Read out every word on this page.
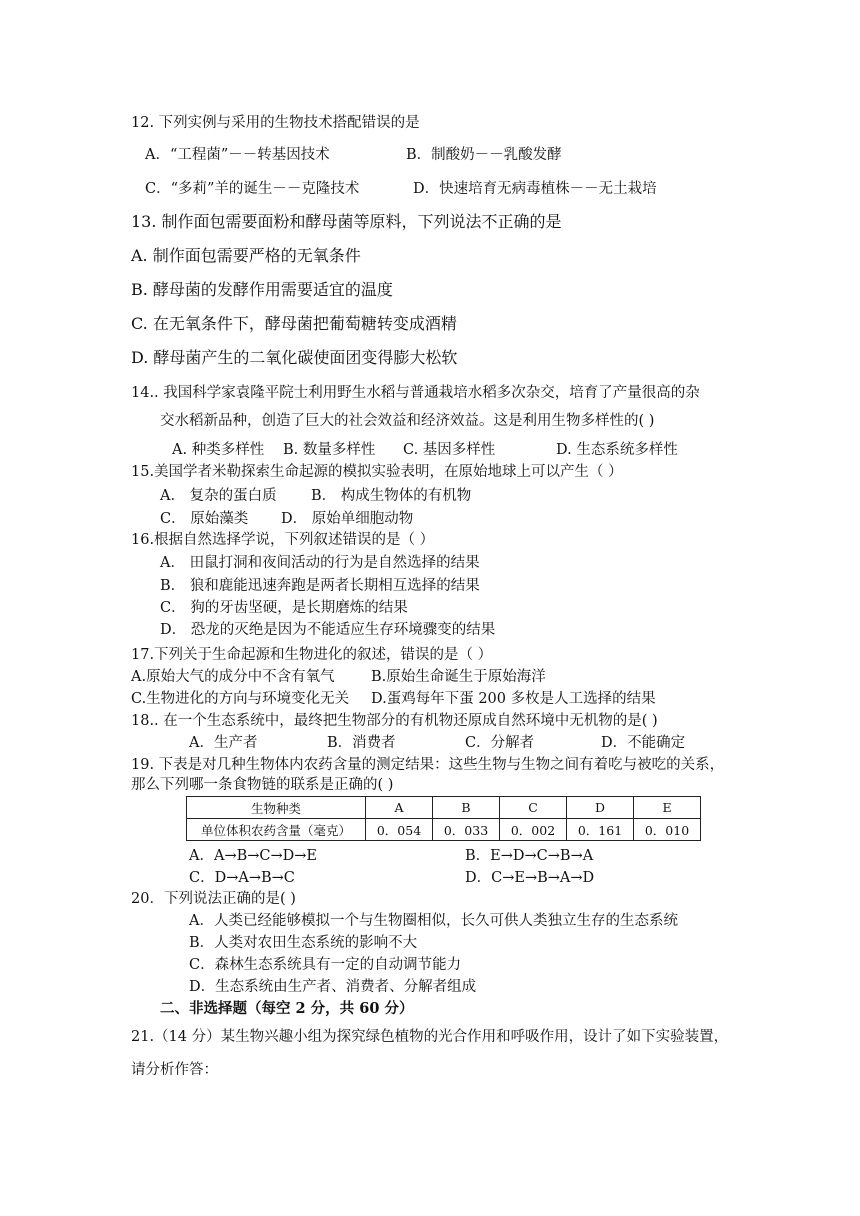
12. 下列实例与采用的生物技术搭配错误的是
A．“工程菌”－－转基因技术	B．制酸奶－－乳酸发酵
C．“多莉”羊的诞生－－克隆技术	D．快速培育无病毒植株－－无土栽培
13. 制作面包需要面粉和酵母菌等原料，下列说法不正确的是
A. 制作面包需要严格的无氧条件
B. 酵母菌的发酵作用需要适宜的温度
C. 在无氧条件下，酵母菌把葡萄糖转变成酒精
D. 酵母菌产生的二氧化碳使面团变得膨大松软
14.. 我国科学家袁隆平院士利用野生水稻与普通栽培水稻多次杂交，培育了产量很高的杂
交水稻新品种，创造了巨大的社会效益和经济效益。这是利用生物多样性的( )
A. 种类多样性 B. 数量多样性 C. 基因多样性	D. 生态系统多样性
15.美国学者米勒探索生命起源的模拟实验表明，在原始地球上可以产生（ ）
A． 复杂的蛋白质 B． 构成生物体的有机物
C． 原始藻类 D． 原始单细胞动物
16.根据自然选择学说，下列叙述错误的是（ ）
A． 田鼠打洞和夜间活动的行为是自然选择的结果
B． 狼和鹿能迅速奔跑是两者长期相互选择的结果
C． 狗的牙齿坚硬，是长期磨炼的结果
D． 恐龙的灭绝是因为不能适应生存环境骤变的结果
17.下列关于生命起源和生物进化的叙述，错误的是（ ）
A.原始大气的成分中不含有氧气	B.原始生命诞生于原始海洋
C.生物进化的方向与环境变化无关 D.蛋鸡每年下蛋 200 多枚是人工选择的结果
18.. 在一个生态系统中，最终把生物部分的有机物还原成自然环境中无机物的是( )
A．生产者	B．消费者	C．分解者	D．不能确定
19. 下表是对几种生物体内农药含量的测定结果：这些生物与生物之间有着吃与被吃的关系，
那么下列哪一条食物链的联系是正确的( )
生物种类	A	B	C	D	E
单位体积农药含量（毫克）	0．054	0．033	0．002	0．161	0．010
A．A→B→C→D→E	B．E→D→C→B→A
C．D→A→B→C	D．C→E→B→A→D
20．下列说法正确的是( )
A．人类已经能够模拟一个与生物圈相似，长久可供人类独立生存的生态系统
B．人类对农田生态系统的影响不大
C．森林生态系统具有一定的自动调节能力
D．生态系统由生产者、消费者、分解者组成
二、非选择题（每空 2 分，共 60 分）
21.（14 分）某生物兴趣小组为探究绿色植物的光合作用和呼吸作用，设计了如下实验装置，
请分析作答：
